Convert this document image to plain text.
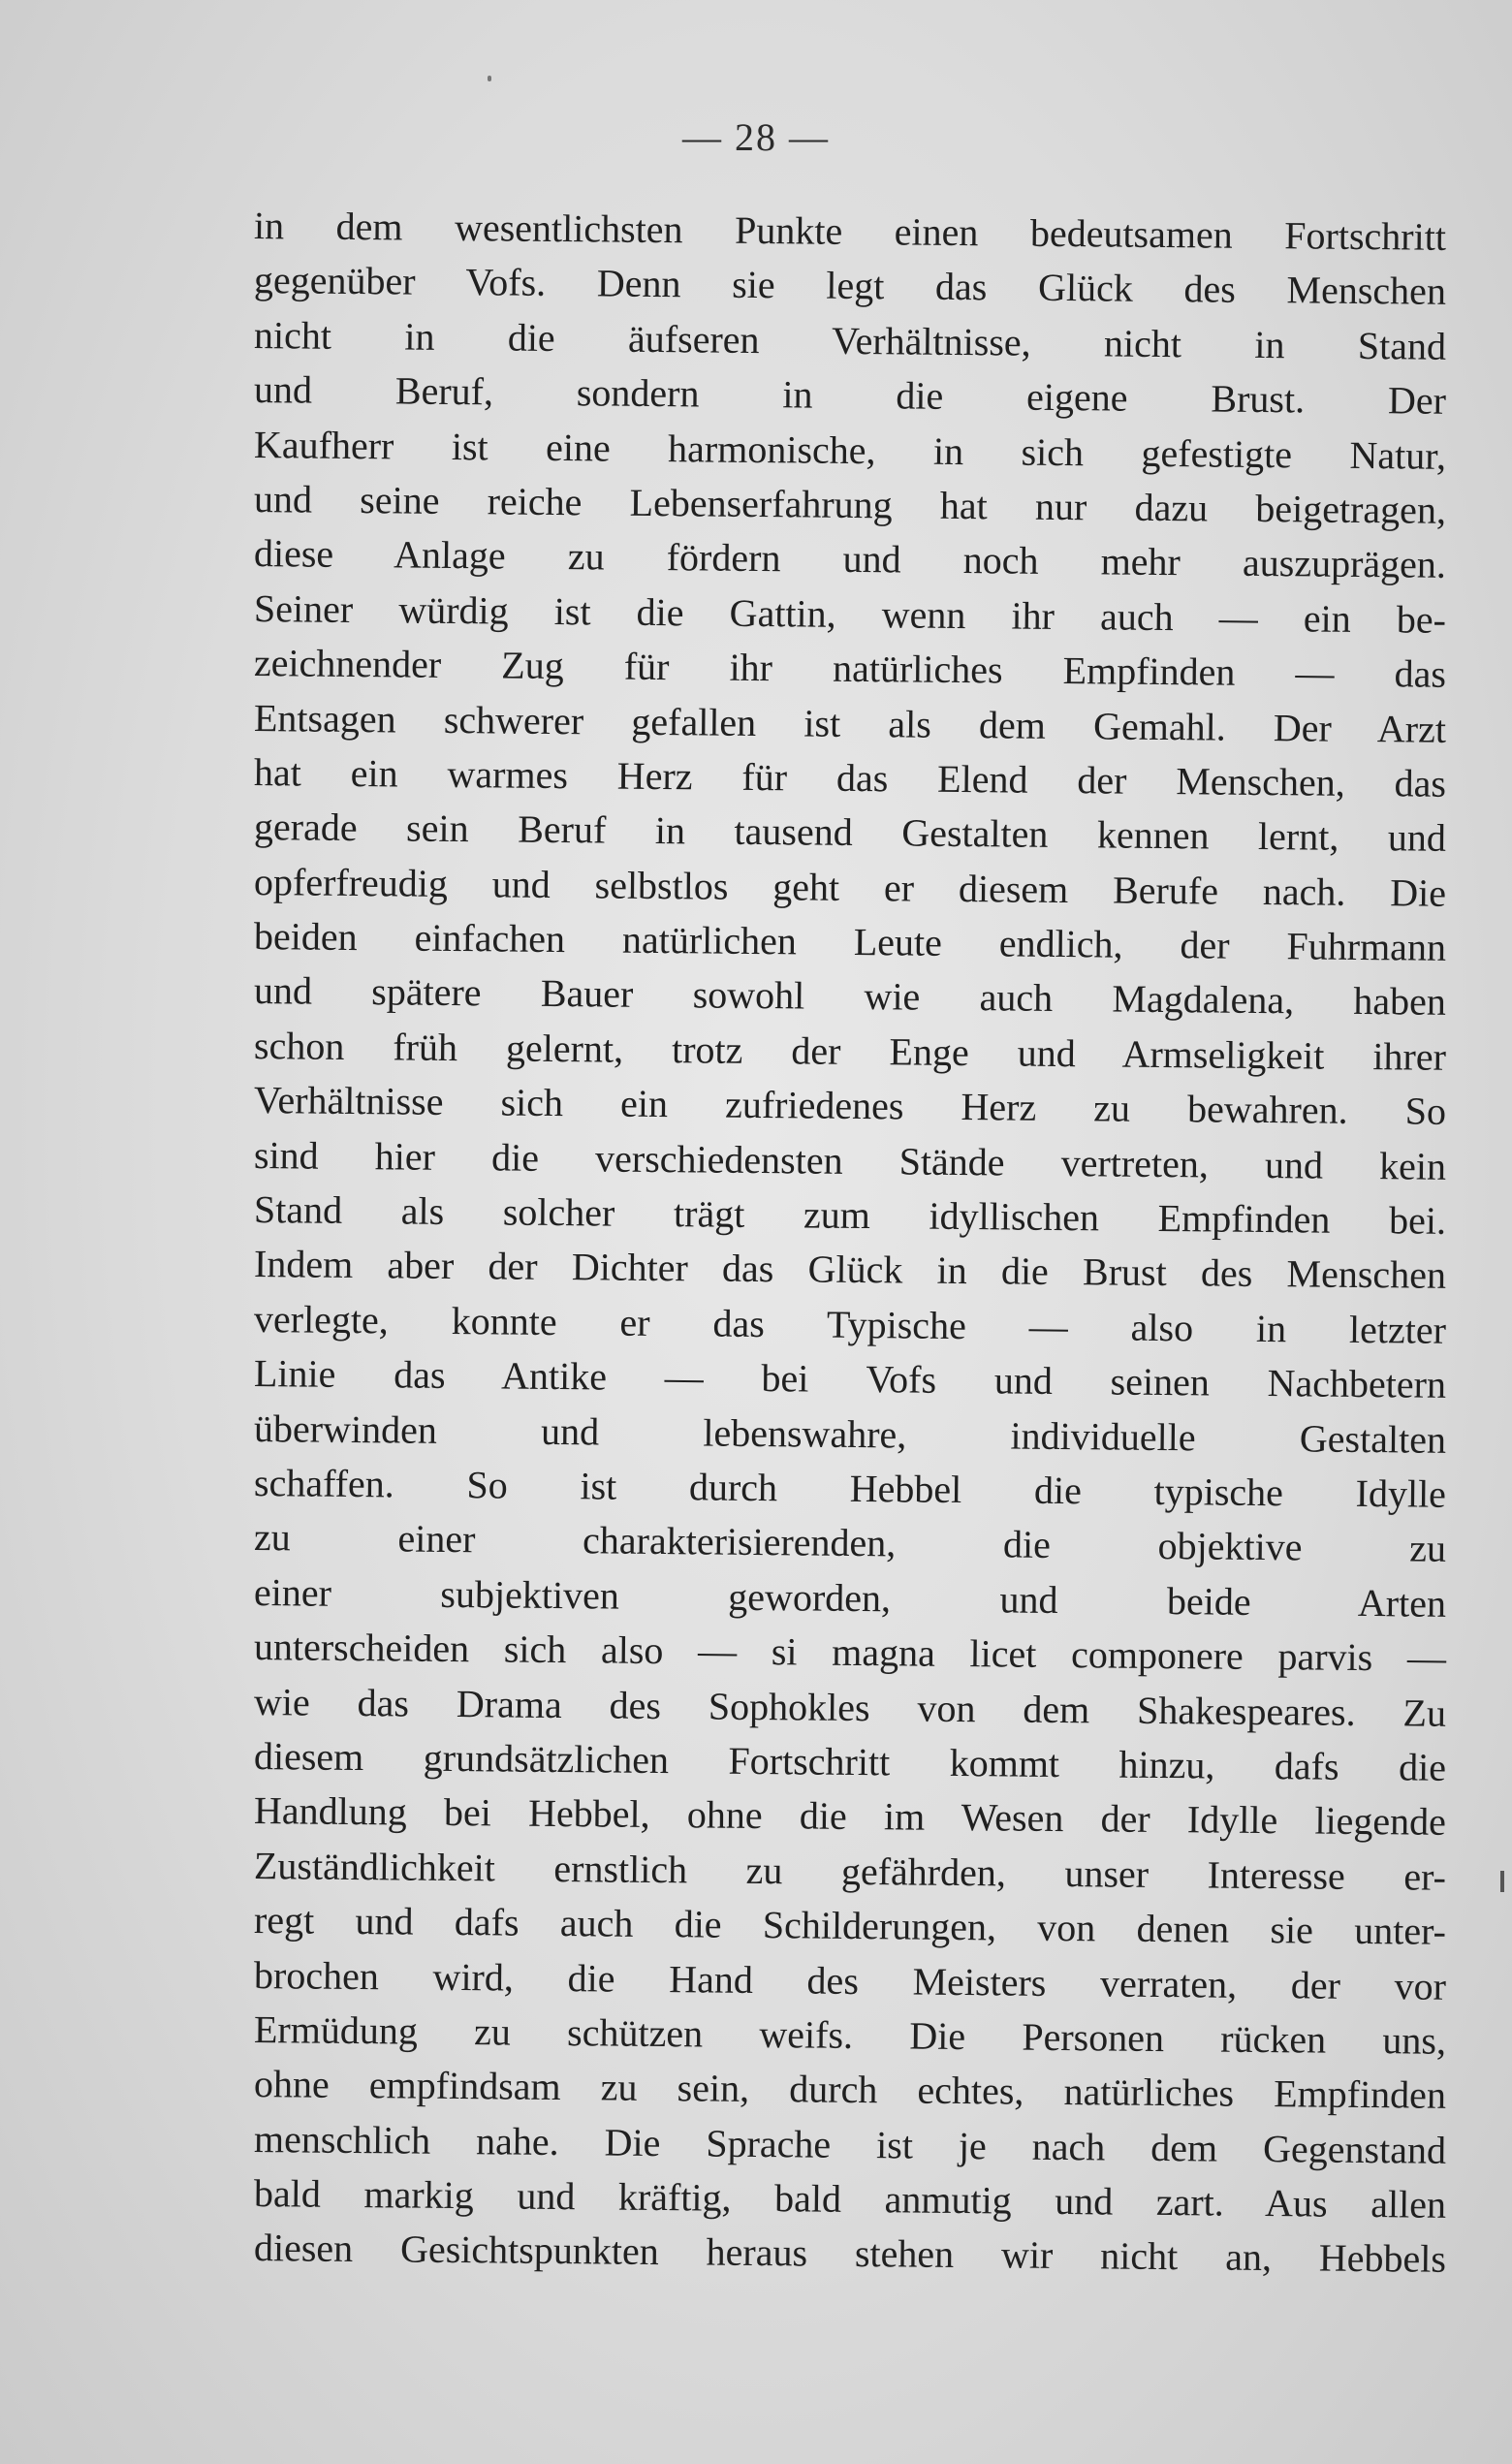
— 28 —
in dem wesentlichsten Punkte einen bedeutsamen Fortschritt
gegenüber Vofs. Denn sie legt das Glück des Menschen
nicht in die äufseren Verhältnisse, nicht in Stand
und Beruf, sondern in die eigene Brust. Der
Kaufherr ist eine harmonische, in sich gefestigte Natur,
und seine reiche Lebenserfahrung hat nur dazu beigetragen,
diese Anlage zu fördern und noch mehr auszuprägen.
Seiner würdig ist die Gattin, wenn ihr auch — ein be-
zeichnender Zug für ihr natürliches Empfinden — das
Entsagen schwerer gefallen ist als dem Gemahl. Der Arzt
hat ein warmes Herz für das Elend der Menschen, das
gerade sein Beruf in tausend Gestalten kennen lernt, und
opferfreudig und selbstlos geht er diesem Berufe nach. Die
beiden einfachen natürlichen Leute endlich, der Fuhrmann
und spätere Bauer sowohl wie auch Magdalena, haben
schon früh gelernt, trotz der Enge und Armseligkeit ihrer
Verhältnisse sich ein zufriedenes Herz zu bewahren. So
sind hier die verschiedensten Stände vertreten, und kein
Stand als solcher trägt zum idyllischen Empfinden bei.
Indem aber der Dichter das Glück in die Brust des Menschen
verlegte, konnte er das Typische — also in letzter
Linie das Antike — bei Vofs und seinen Nachbetern
überwinden und lebenswahre, individuelle Gestalten
schaffen. So ist durch Hebbel die typische Idylle
zu einer charakterisierenden, die objektive zu
einer subjektiven geworden, und beide Arten
unterscheiden sich also — si magna licet componere parvis —
wie das Drama des Sophokles von dem Shakespeares. Zu
diesem grundsätzlichen Fortschritt kommt hinzu, dafs die
Handlung bei Hebbel, ohne die im Wesen der Idylle liegende
Zuständlichkeit ernstlich zu gefährden, unser Interesse er-
regt und dafs auch die Schilderungen, von denen sie unter-
brochen wird, die Hand des Meisters verraten, der vor
Ermüdung zu schützen weifs. Die Personen rücken uns,
ohne empfindsam zu sein, durch echtes, natürliches Empfinden
menschlich nahe. Die Sprache ist je nach dem Gegenstand
bald markig und kräftig, bald anmutig und zart. Aus allen
diesen Gesichtspunkten heraus stehen wir nicht an, Hebbels
